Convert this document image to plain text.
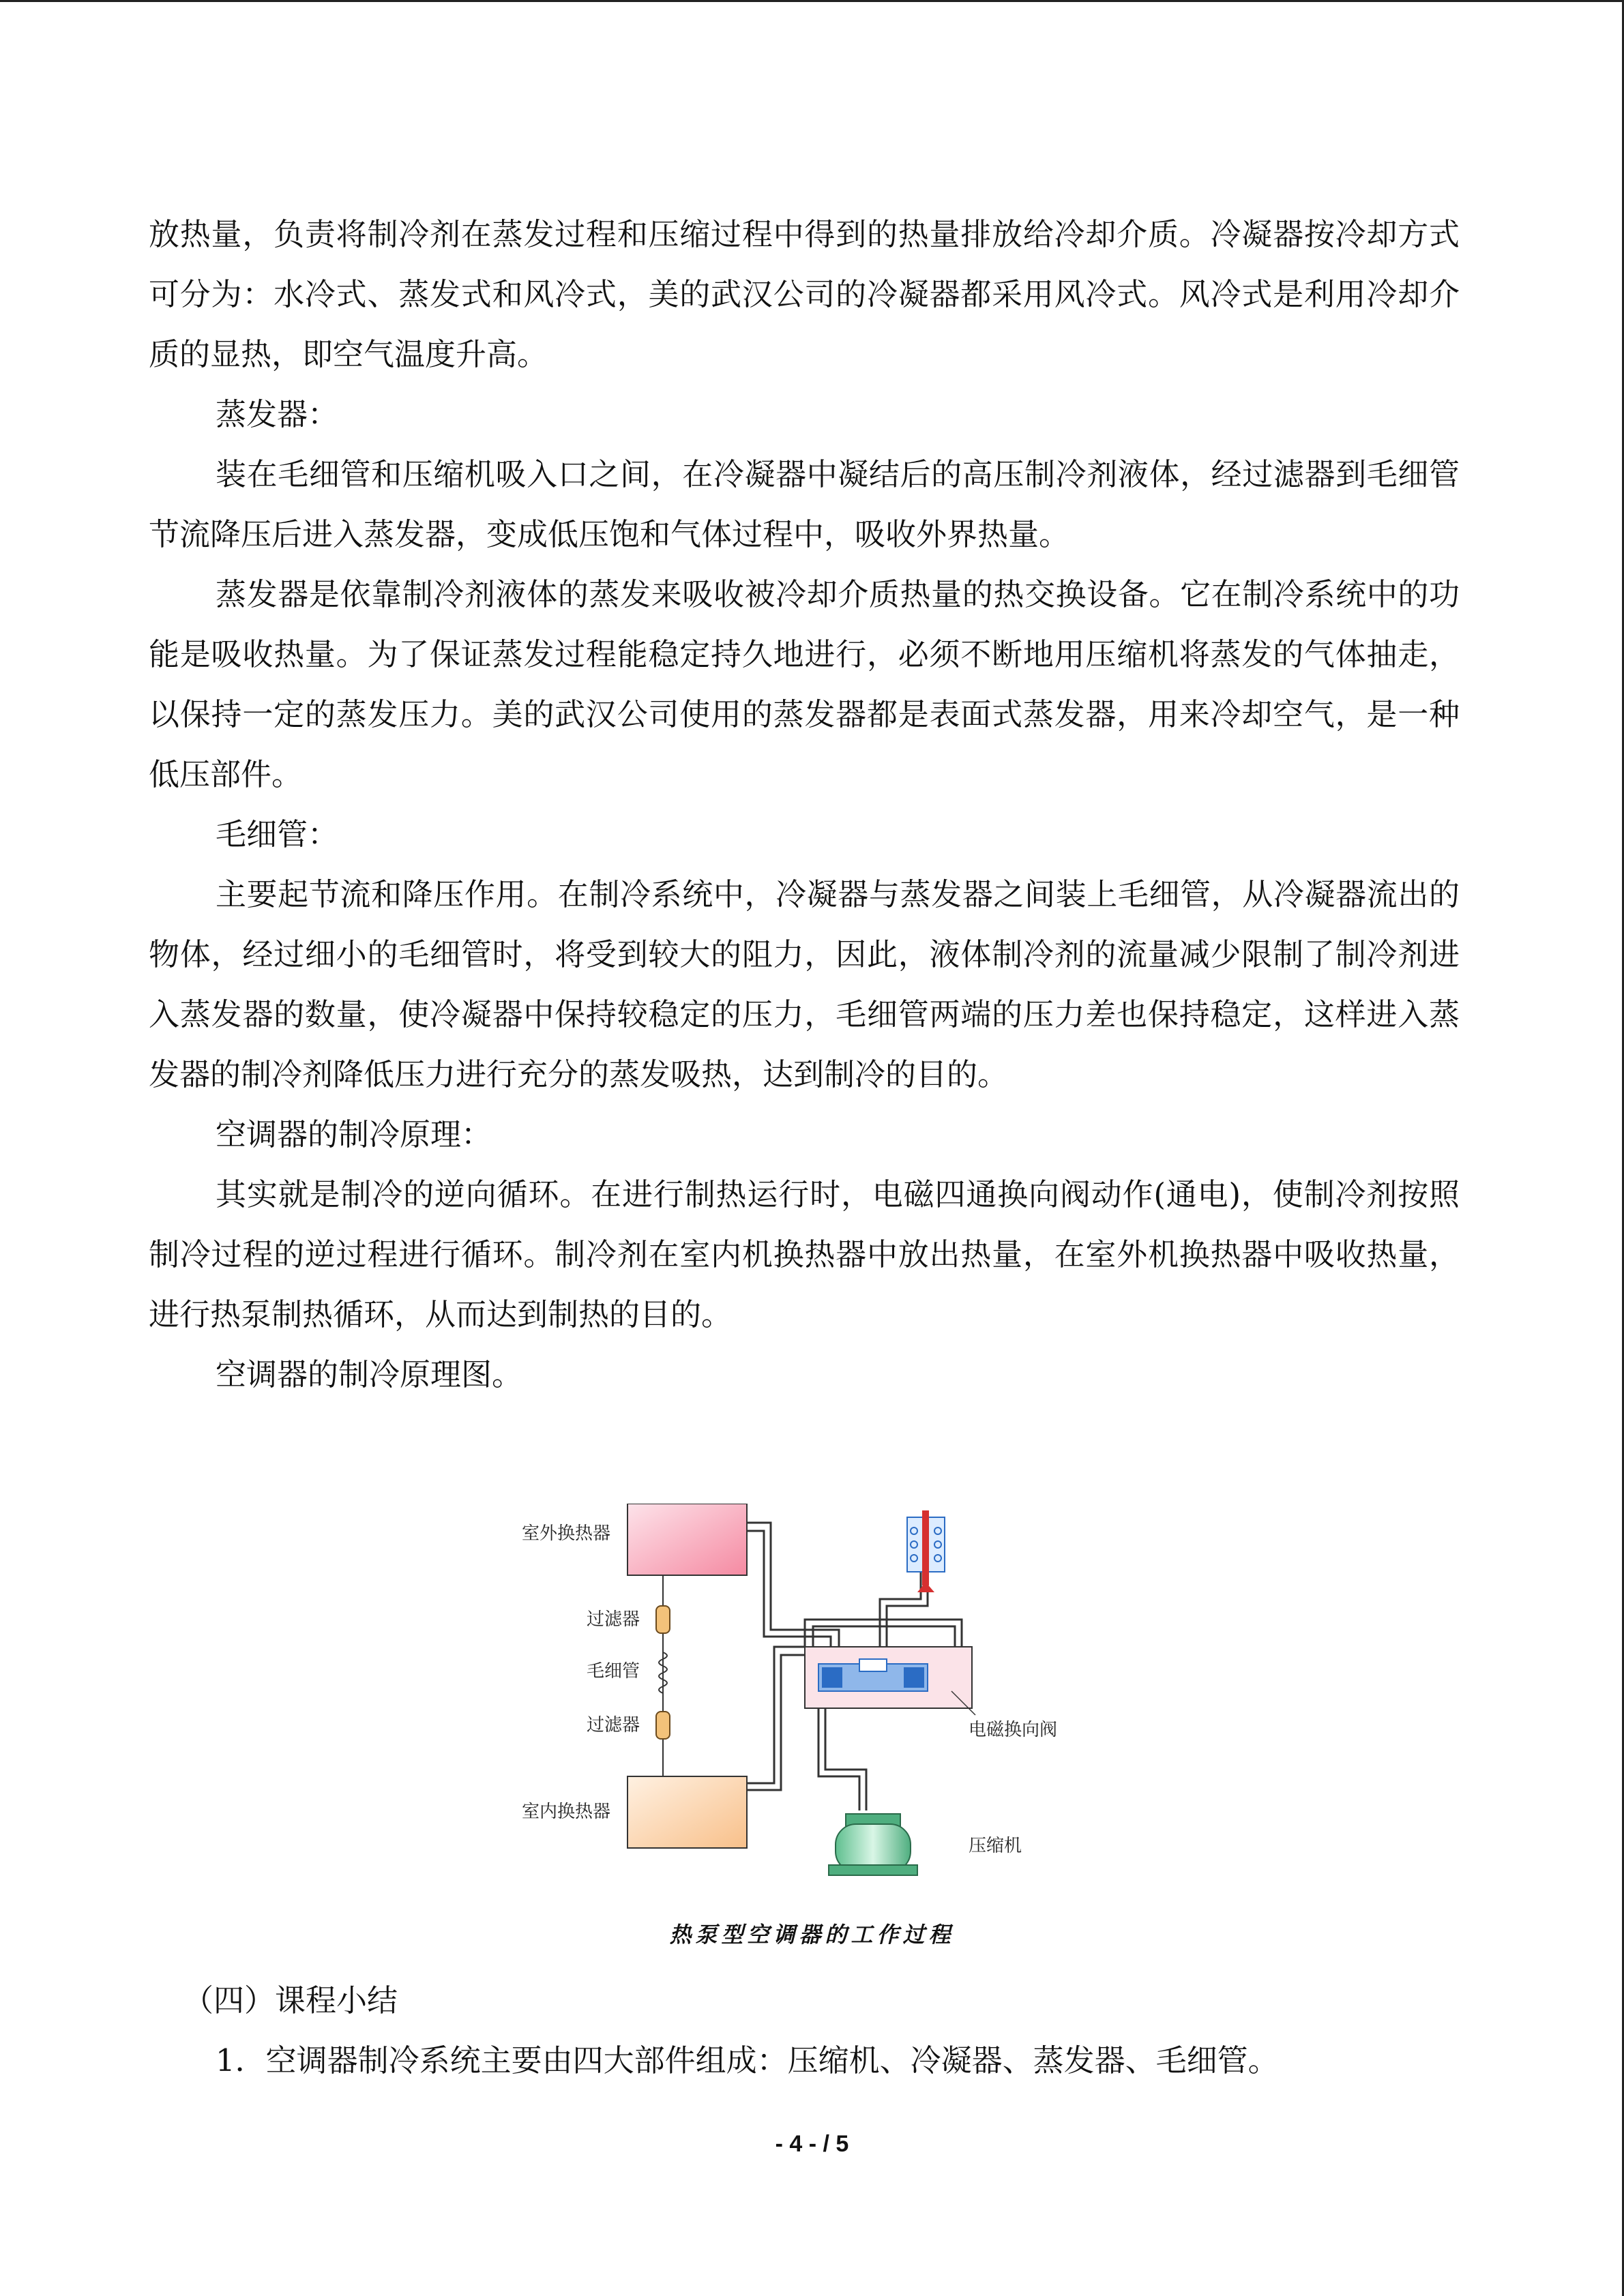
放热量，负责将制冷剂在蒸发过程和压缩过程中得到的热量排放给冷却介质。冷凝器按冷却方式可分为：水冷式、蒸发式和风冷式，美的武汉公司的冷凝器都采用风冷式。风冷式是利用冷却介质的显热，即空气温度升高。

蒸发器：

装在毛细管和压缩机吸入口之间，在冷凝器中凝结后的高压制冷剂液体，经过滤器到毛细管节流降压后进入蒸发器，变成低压饱和气体过程中，吸收外界热量。

蒸发器是依靠制冷剂液体的蒸发来吸收被冷却介质热量的热交换设备。它在制冷系统中的功能是吸收热量。为了保证蒸发过程能稳定持久地进行，必须不断地用压缩机将蒸发的气体抽走，以保持一定的蒸发压力。美的武汉公司使用的蒸发器都是表面式蒸发器，用来冷却空气，是一种低压部件。

毛细管：

主要起节流和降压作用。在制冷系统中，冷凝器与蒸发器之间装上毛细管，从冷凝器流出的物体，经过细小的毛细管时，将受到较大的阻力，因此，液体制冷剂的流量减少限制了制冷剂进入蒸发器的数量，使冷凝器中保持较稳定的压力，毛细管两端的压力差也保持稳定，这样进入蒸发器的制冷剂降低压力进行充分的蒸发吸热，达到制冷的目的。

空调器的制冷原理：

其实就是制冷的逆向循环。在进行制热运行时，电磁四通换向阀动作(通电)，使制冷剂按照制冷过程的逆过程进行循环。制冷剂在室内机换热器中放出热量，在室外机换热器中吸收热量，进行热泵制热循环，从而达到制热的目的。

空调器的制冷原理图。

室外换热器
过滤器
毛细管
过滤器
室内换热器
电磁换向阀
压缩机
热泵型空调器的工作过程

（四）课程小结

1．空调器制冷系统主要由四大部件组成：压缩机、冷凝器、蒸发器、毛细管。

- 4 - / 5
